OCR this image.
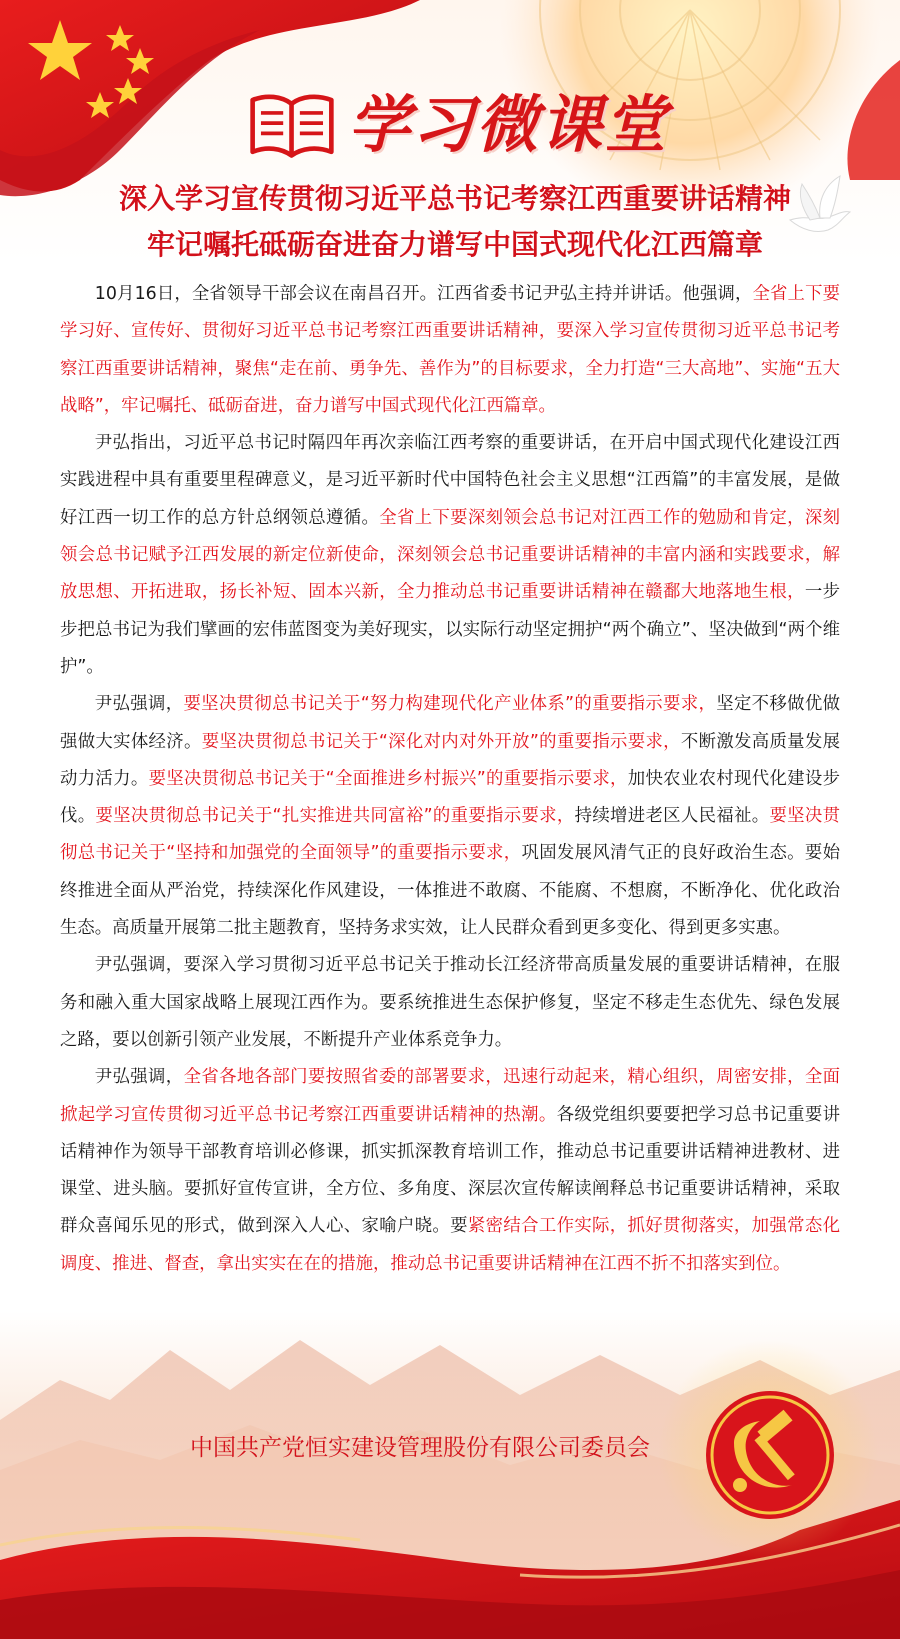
学习微课堂
深入学习宣传贯彻习近平总书记考察江西重要讲话精神
牢记嘱托砥砺奋进奋力谱写中国式现代化江西篇章

10月16日，全省领导干部会议在南昌召开。江西省委书记尹弘主持并讲话。他强调，全省上下要学习好、宣传好、贯彻好习近平总书记考察江西重要讲话精神，要深入学习宣传贯彻习近平总书记考察江西重要讲话精神，聚焦“走在前、勇争先、善作为”的目标要求，全力打造“三大高地”、实施“五大战略”，牢记嘱托、砥砺奋进，奋力谱写中国式现代化江西篇章。

尹弘指出，习近平总书记时隔四年再次亲临江西考察的重要讲话，在开启中国式现代化建设江西实践进程中具有重要里程碑意义，是习近平新时代中国特色社会主义思想“江西篇”的丰富发展，是做好江西一切工作的总方针总纲领总遵循。全省上下要深刻领会总书记对江西工作的勉励和肯定，深刻领会总书记赋予江西发展的新定位新使命，深刻领会总书记重要讲话精神的丰富内涵和实践要求，解放思想、开拓进取，扬长补短、固本兴新，全力推动总书记重要讲话精神在赣鄱大地落地生根，一步步把总书记为我们擘画的宏伟蓝图变为美好现实，以实际行动坚定拥护“两个确立”、坚决做到“两个维护”。

尹弘强调，要坚决贯彻总书记关于“努力构建现代化产业体系”的重要指示要求，坚定不移做优做强做大实体经济。要坚决贯彻总书记关于“深化对内对外开放”的重要指示要求，不断激发高质量发展动力活力。要坚决贯彻总书记关于“全面推进乡村振兴”的重要指示要求，加快农业农村现代化建设步伐。要坚决贯彻总书记关于“扎实推进共同富裕”的重要指示要求，持续增进老区人民福祉。要坚决贯彻总书记关于“坚持和加强党的全面领导”的重要指示要求，巩固发展风清气正的良好政治生态。要始终推进全面从严治党，持续深化作风建设，一体推进不敢腐、不能腐、不想腐，不断净化、优化政治生态。高质量开展第二批主题教育，坚持务求实效，让人民群众看到更多变化、得到更多实惠。

尹弘强调，要深入学习贯彻习近平总书记关于推动长江经济带高质量发展的重要讲话精神，在服务和融入重大国家战略上展现江西作为。要系统推进生态保护修复，坚定不移走生态优先、绿色发展之路，要以创新引领产业发展，不断提升产业体系竞争力。

尹弘强调，全省各地各部门要按照省委的部署要求，迅速行动起来，精心组织，周密安排，全面掀起学习宣传贯彻习近平总书记考察江西重要讲话精神的热潮。各级党组织要要把学习总书记重要讲话精神作为领导干部教育培训必修课，抓实抓深教育培训工作，推动总书记重要讲话精神进教材、进课堂、进头脑。要抓好宣传宣讲，全方位、多角度、深层次宣传解读阐释总书记重要讲话精神，采取群众喜闻乐见的形式，做到深入人心、家喻户晓。要紧密结合工作实际，抓好贯彻落实，加强常态化调度、推进、督查，拿出实实在在的措施，推动总书记重要讲话精神在江西不折不扣落实到位。

中国共产党恒实建设管理股份有限公司委员会
